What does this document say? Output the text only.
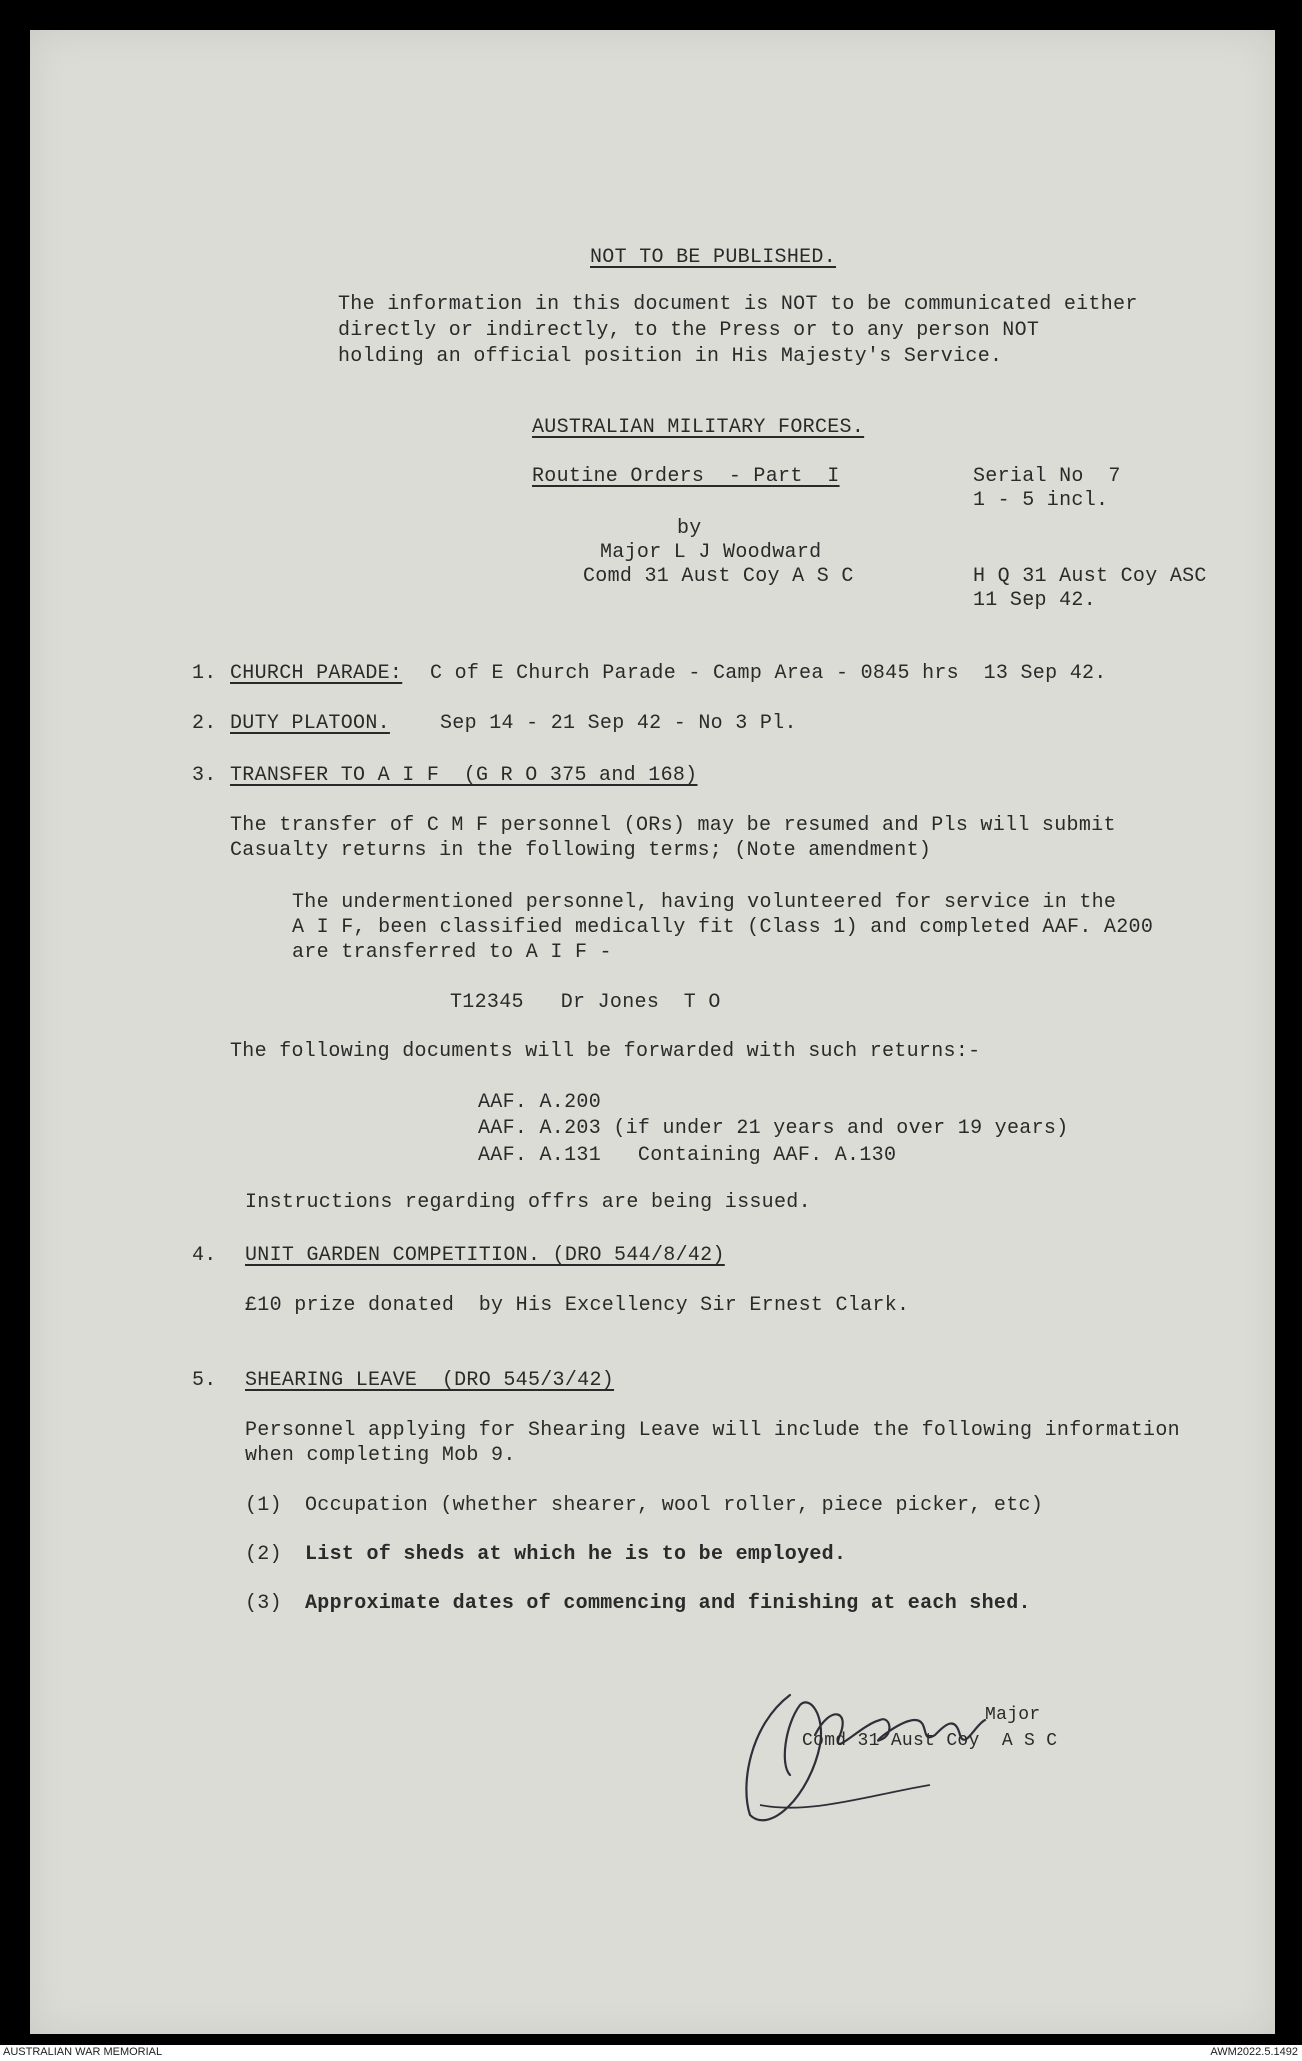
NOT TO BE PUBLISHED.
The information in this document is NOT to be communicated either
directly or indirectly, to the Press or to any person NOT
holding an official position in His Majesty's Service.
AUSTRALIAN MILITARY FORCES.
Routine Orders  - Part  I	Serial No  7
1 - 5 incl.
by
Major L J Woodward
Comd 31 Aust Coy A S C	H Q 31 Aust Coy ASC
11 Sep 42.
1. CHURCH PARADE: C of E Church Parade - Camp Area - 0845 hrs  13 Sep 42.
2. DUTY PLATOON.	Sep 14 - 21 Sep 42 - No 3 Pl.
3. TRANSFER TO A I F  (G R O 375 and 168)
The transfer of C M F personnel (ORs) may be resumed and Pls will submit
Casualty returns in the following terms; (Note amendment)
The undermentioned personnel, having volunteered for service in the
A I F, been classified medically fit (Class 1) and completed AAF. A200
are transferred to A I F -
T12345   Dr Jones  T O
The following documents will be forwarded with such returns:-
AAF. A.200
AAF. A.203 (if under 21 years and over 19 years)
AAF. A.131   Containing AAF. A.130
Instructions regarding offrs are being issued.
4. UNIT GARDEN COMPETITION. (DRO 544/8/42)
£10 prize donated  by His Excellency Sir Ernest Clark.
5. SHEARING LEAVE  (DRO 545/3/42)
Personnel applying for Shearing Leave will include the following information
when completing Mob 9.
(1) Occupation (whether shearer, wool roller, piece picker, etc)
(2) List of sheds at which he is to be employed.
(3) Approximate dates of commencing and finishing at each shed.
Major
Comd 31 Aust Coy  A S C
AUSTRALIAN WAR MEMORIAL	AWM2022.5.1492
